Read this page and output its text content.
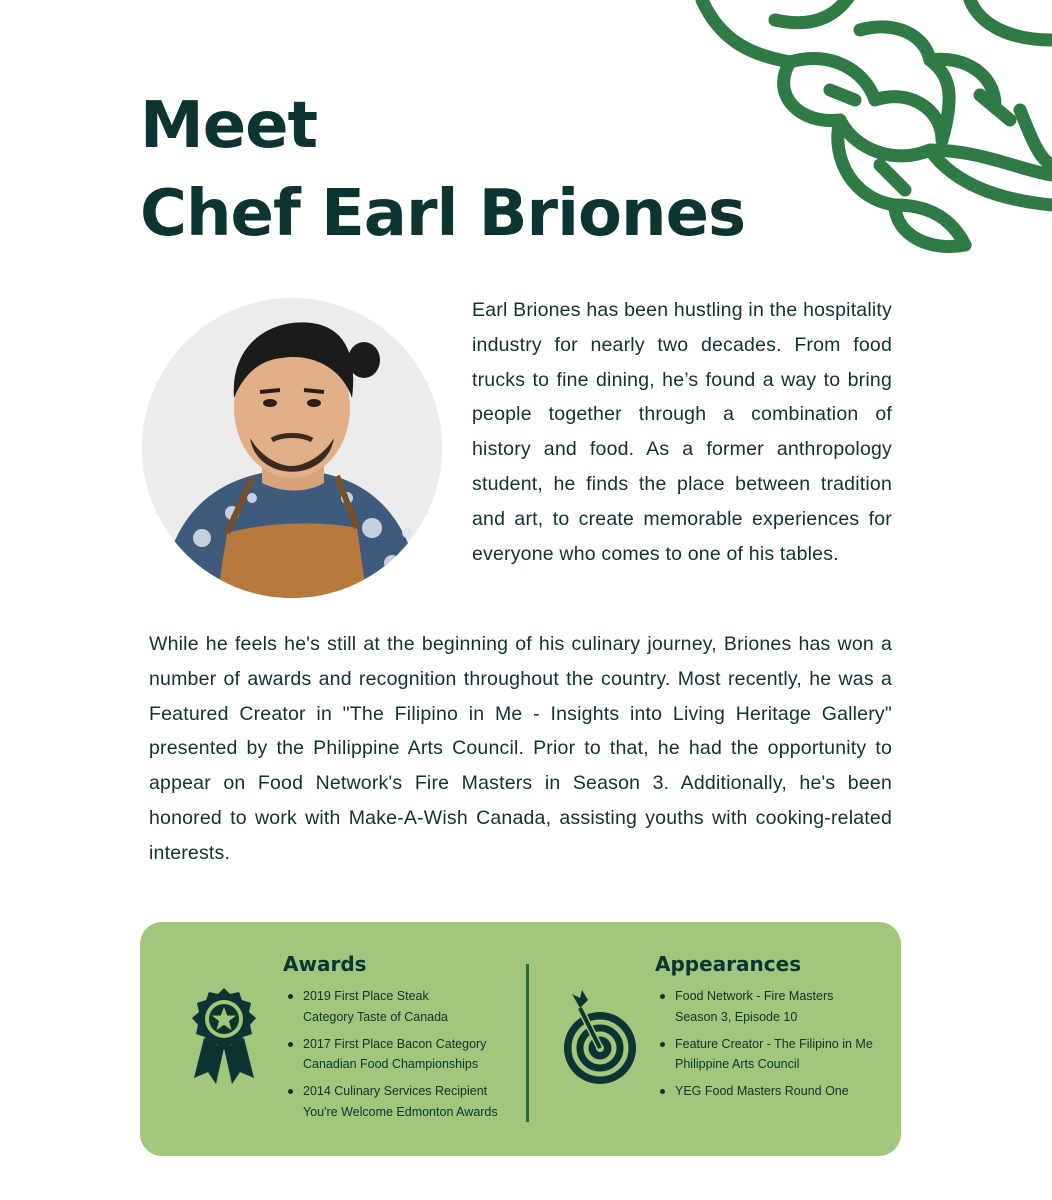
Meet
Chef Earl Briones

Earl Briones has been hustling in the hospitality industry for nearly two decades. From food trucks to fine dining, he’s found a way to bring people together through a combination of history and food. As a former anthropology student, he finds the place between tradition and art, to create memorable experiences for everyone who comes to one of his tables.

While he feels he's still at the beginning of his culinary journey, Briones has won a number of awards and recognition throughout the country. Most recently, he was a Featured Creator in "The Filipino in Me - Insights into Living Heritage Gallery" presented by the Philippine Arts Council. Prior to that, he had the opportunity to appear on Food Network's Fire Masters in Season 3. Additionally, he's been honored to work with Make-A-Wish Canada, assisting youths with cooking-related interests.

Awards
2019 First Place Steak
Category Taste of Canada
2017 First Place Bacon Category
Canadian Food Championships
2014 Culinary Services Recipient
You're Welcome Edmonton Awards
Appearances
Food Network - Fire Masters
Season 3, Episode 10
Feature Creator - The Filipino in Me
Philippine Arts Council
YEG Food Masters Round One
